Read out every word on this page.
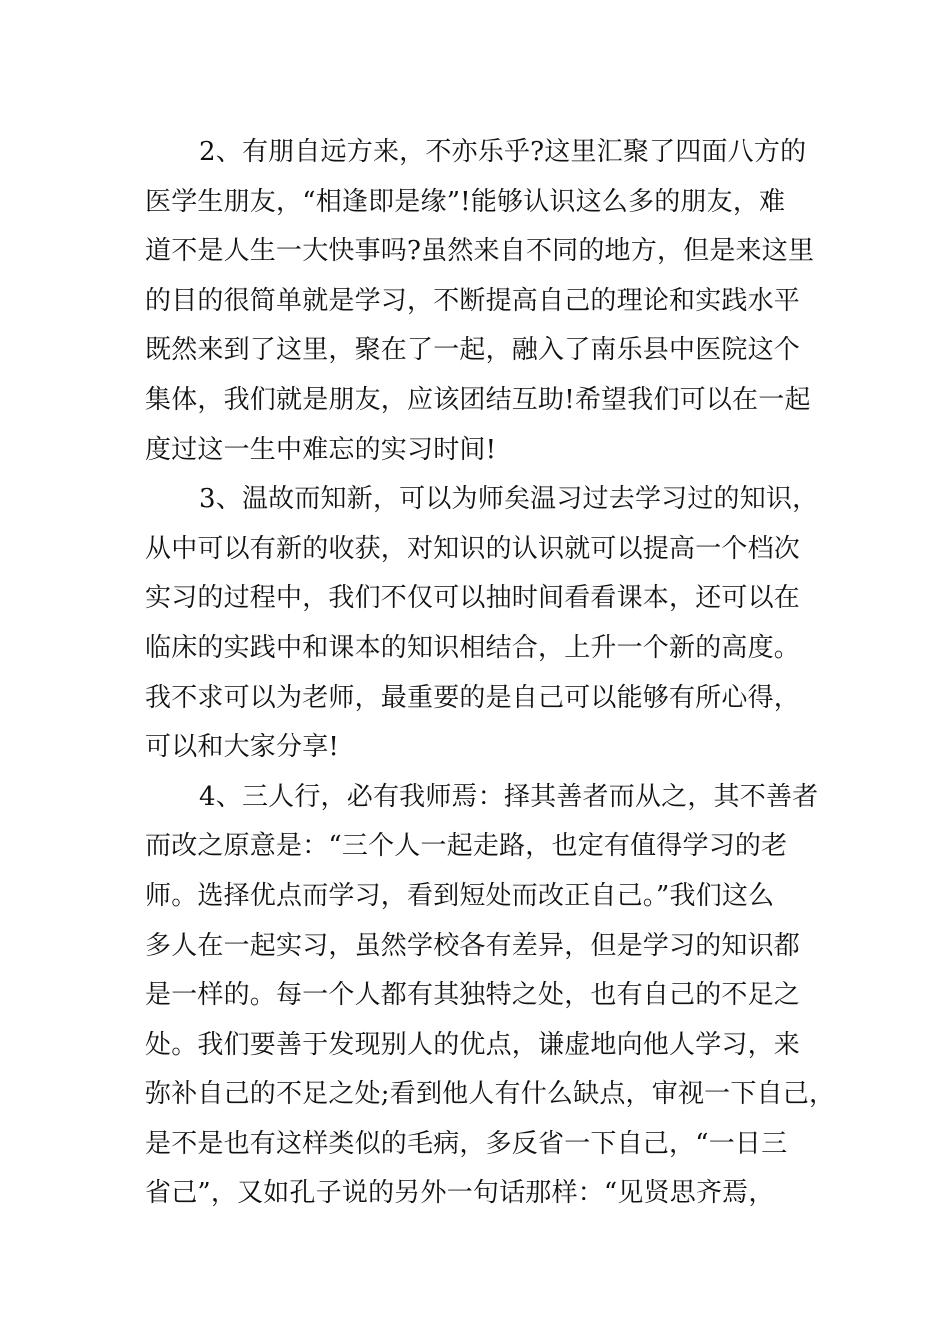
2、有朋自远方来，不亦乐乎?这里汇聚了四面八方的
医学生朋友，“相逢即是缘”!能够认识这么多的朋友，难
道不是人生一大快事吗?虽然来自不同的地方，但是来这里
的目的很简单就是学习，不断提高自己的理论和实践水平
既然来到了这里，聚在了一起，融入了南乐县中医院这个
集体，我们就是朋友，应该团结互助!希望我们可以在一起
度过这一生中难忘的实习时间!
3、温故而知新，可以为师矣温习过去学习过的知识，
从中可以有新的收获，对知识的认识就可以提高一个档次
实习的过程中，我们不仅可以抽时间看看课本，还可以在
临床的实践中和课本的知识相结合，上升一个新的高度。
我不求可以为老师，最重要的是自己可以能够有所心得，
可以和大家分享!
4、三人行，必有我师焉：择其善者而从之，其不善者
而改之原意是：“三个人一起走路，也定有值得学习的老
师。选择优点而学习，看到短处而改正自己。”我们这么
多人在一起实习，虽然学校各有差异，但是学习的知识都
是一样的。每一个人都有其独特之处，也有自己的不足之
处。我们要善于发现别人的优点，谦虚地向他人学习，来
弥补自己的不足之处;看到他人有什么缺点，审视一下自己，
是不是也有这样类似的毛病，多反省一下自己，“一日三
省己”，又如孔子说的另外一句话那样：“见贤思齐焉，
